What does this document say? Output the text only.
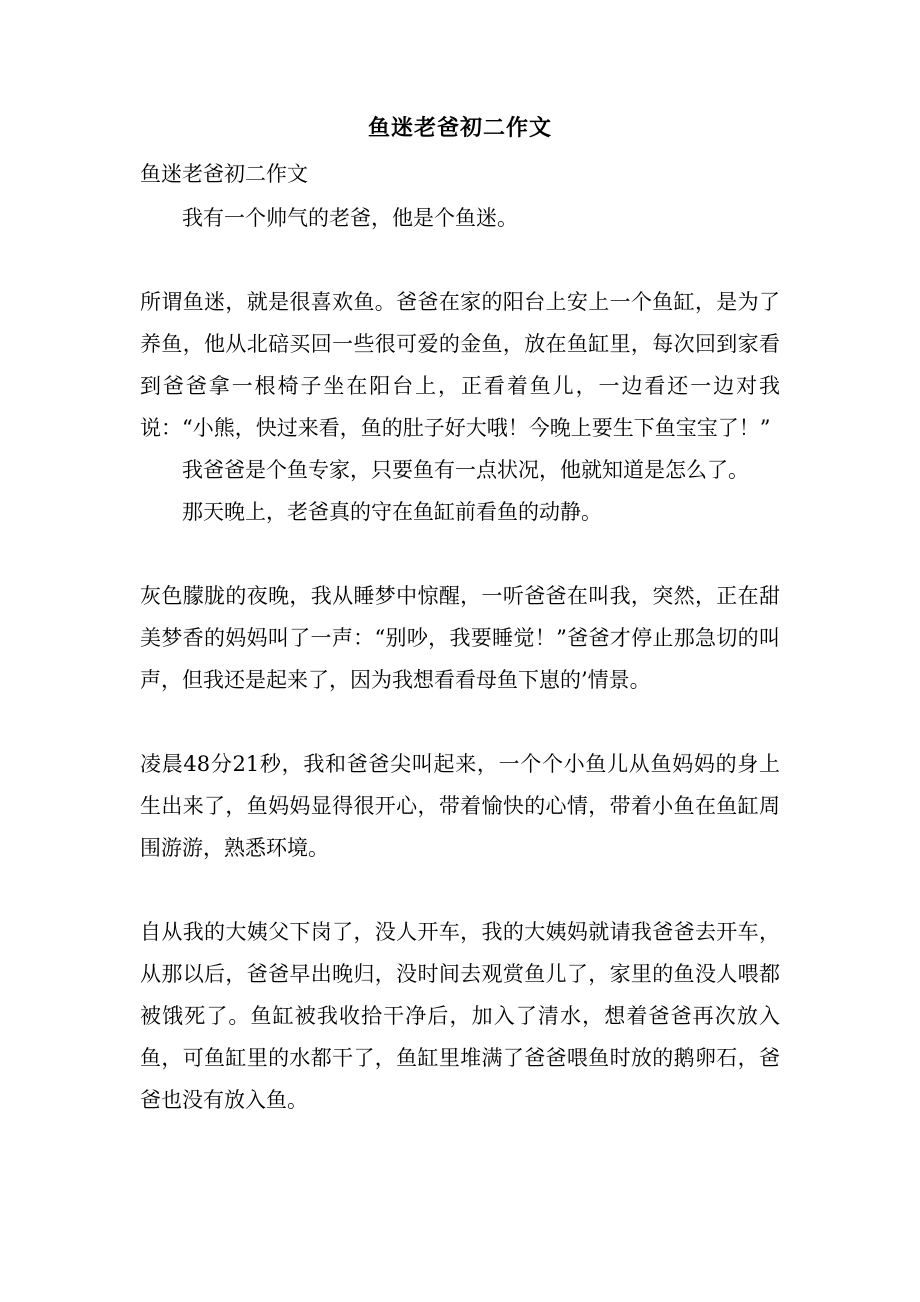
鱼迷老爸初二作文
鱼迷老爸初二作文

我有一个帅气的老爸，他是个鱼迷。

所谓鱼迷，就是很喜欢鱼。爸爸在家的阳台上安上一个鱼缸，是为了养鱼，他从北碚买回一些很可爱的金鱼，放在鱼缸里，每次回到家看到爸爸拿一根椅子坐在阳台上，正看着鱼儿，一边看还一边对我说：“小熊，快过来看，鱼的肚子好大哦！今晚上要生下鱼宝宝了！”

我爸爸是个鱼专家，只要鱼有一点状况，他就知道是怎么了。

那天晚上，老爸真的守在鱼缸前看鱼的动静。

灰色朦胧的夜晚，我从睡梦中惊醒，一听爸爸在叫我，突然，正在甜美梦香的妈妈叫了一声：“别吵，我要睡觉！”爸爸才停止那急切的叫声，但我还是起来了，因为我想看看母鱼下崽的’情景。

凌晨48分21秒，我和爸爸尖叫起来，一个个小鱼儿从鱼妈妈的身上生出来了，鱼妈妈显得很开心，带着愉快的心情，带着小鱼在鱼缸周围游游，熟悉环境。

自从我的大姨父下岗了，没人开车，我的大姨妈就请我爸爸去开车，从那以后，爸爸早出晚归，没时间去观赏鱼儿了，家里的鱼没人喂都被饿死了。鱼缸被我收拾干净后，加入了清水，想着爸爸再次放入鱼，可鱼缸里的水都干了，鱼缸里堆满了爸爸喂鱼时放的鹅卵石，爸爸也没有放入鱼。
